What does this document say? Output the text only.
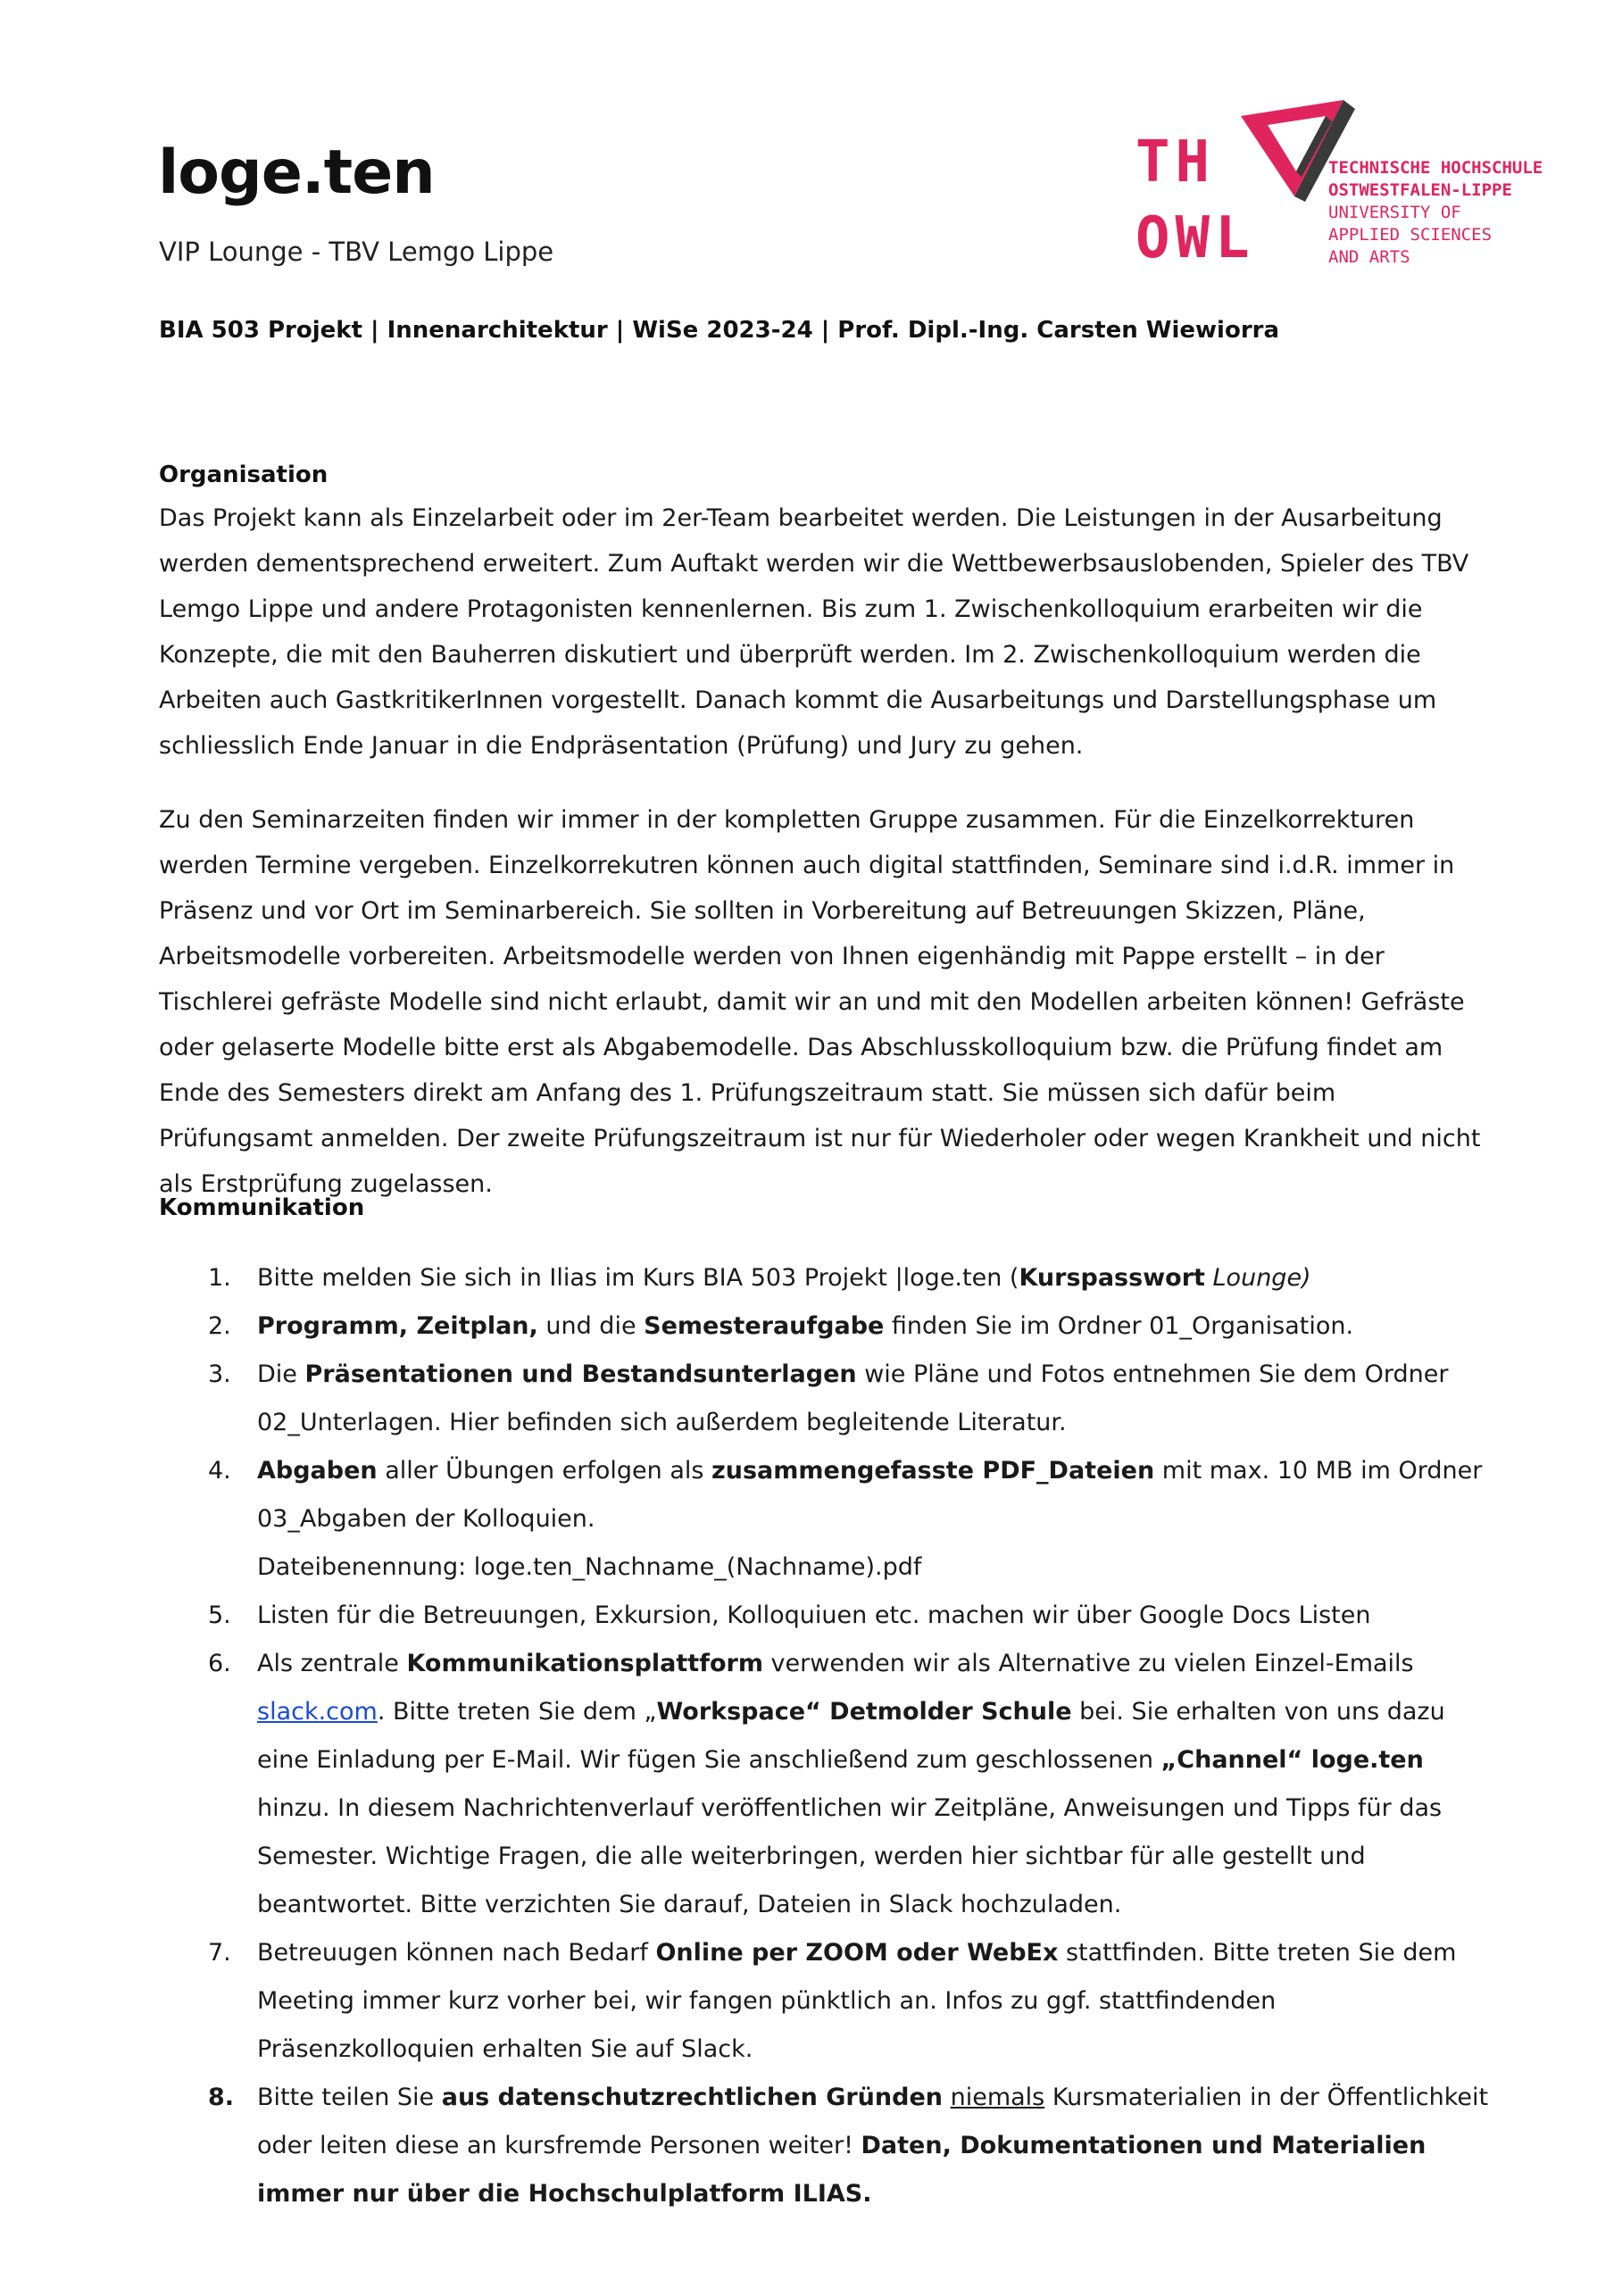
loge.ten
VIP Lounge - TBV Lemgo Lippe
BIA 503 Projekt | Innenarchitektur | WiSe 2023-24 | Prof. Dipl.-Ing. Carsten Wiewiorra
TH
OWL
TECHNISCHE HOCHSCHULE
OSTWESTFALEN-LIPPE
UNIVERSITY OF
APPLIED SCIENCES
AND ARTS
Organisation

Das Projekt kann als Einzelarbeit oder im 2er-Team bearbeitet werden. Die Leistungen in der Ausarbeitung werden dementsprechend erweitert. Zum Auftakt werden wir die Wettbewerbsauslobenden, Spieler des TBV Lemgo Lippe und andere Protagonisten kennenlernen. Bis zum 1. Zwischenkolloquium erarbeiten wir die Konzepte, die mit den Bauherren diskutiert und überprüft werden. Im 2. Zwischenkolloquium werden die Arbeiten auch GastkritikerInnen vorgestellt. Danach kommt die Ausarbeitungs und Darstellungsphase um schliesslich Ende Januar in die Endpräsentation (Prüfung) und Jury zu gehen.

Zu den Seminarzeiten finden wir immer in der kompletten Gruppe zusammen. Für die Einzelkorrekturen werden Termine vergeben. Einzelkorrekutren können auch digital stattfinden, Seminare sind i.d.R. immer in Präsenz und vor Ort im Seminarbereich. Sie sollten in Vorbereitung auf Betreuungen Skizzen, Pläne, Arbeitsmodelle vorbereiten. Arbeitsmodelle werden von Ihnen eigenhändig mit Pappe erstellt – in der Tischlerei gefräste Modelle sind nicht erlaubt, damit wir an und mit den Modellen arbeiten können! Gefräste oder gelaserte Modelle bitte erst als Abgabemodelle. Das Abschlusskolloquium bzw. die Prüfung findet am Ende des Semesters direkt am Anfang des 1. Prüfungszeitraum statt. Sie müssen sich dafür beim Prüfungsamt anmelden. Der zweite Prüfungszeitraum ist nur für Wiederholer oder wegen Krankheit und nicht als Erstprüfung zugelassen.

Kommunikation
1. Bitte melden Sie sich in Ilias im Kurs BIA 503 Projekt |loge.ten (Kurspasswort Lounge)
2. Programm, Zeitplan, und die Semesteraufgabe finden Sie im Ordner 01_Organisation.
3. Die Präsentationen und Bestandsunterlagen wie Pläne und Fotos entnehmen Sie dem Ordner 02_Unterlagen. Hier befinden sich außerdem begleitende Literatur.
4. Abgaben aller Übungen erfolgen als zusammengefasste PDF_Dateien mit max. 10 MB im Ordner 03_Abgaben der Kolloquien.
Dateibenennung: loge.ten_Nachname_(Nachname).pdf
5. Listen für die Betreuungen, Exkursion, Kolloquiuen etc. machen wir über Google Docs Listen
6. Als zentrale Kommunikationsplattform verwenden wir als Alternative zu vielen Einzel-Emails slack.com. Bitte treten Sie dem „Workspace“ Detmolder Schule bei. Sie erhalten von uns dazu eine Einladung per E-Mail. Wir fügen Sie anschließend zum geschlossenen „Channel“ loge.ten hinzu. In diesem Nachrichtenverlauf veröffentlichen wir Zeitpläne, Anweisungen und Tipps für das Semester. Wichtige Fragen, die alle weiterbringen, werden hier sichtbar für alle gestellt und beantwortet. Bitte verzichten Sie darauf, Dateien in Slack hochzuladen.
7. Betreuugen können nach Bedarf Online per ZOOM oder WebEx stattfinden. Bitte treten Sie dem Meeting immer kurz vorher bei, wir fangen pünktlich an. Infos zu ggf. stattfindenden Präsenzkolloquien erhalten Sie auf Slack.
8. Bitte teilen Sie aus datenschutzrechtlichen Gründen niemals Kursmaterialien in der Öffentlichkeit oder leiten diese an kursfremde Personen weiter! Daten, Dokumentationen und Materialien immer nur über die Hochschulplatform ILIAS.
